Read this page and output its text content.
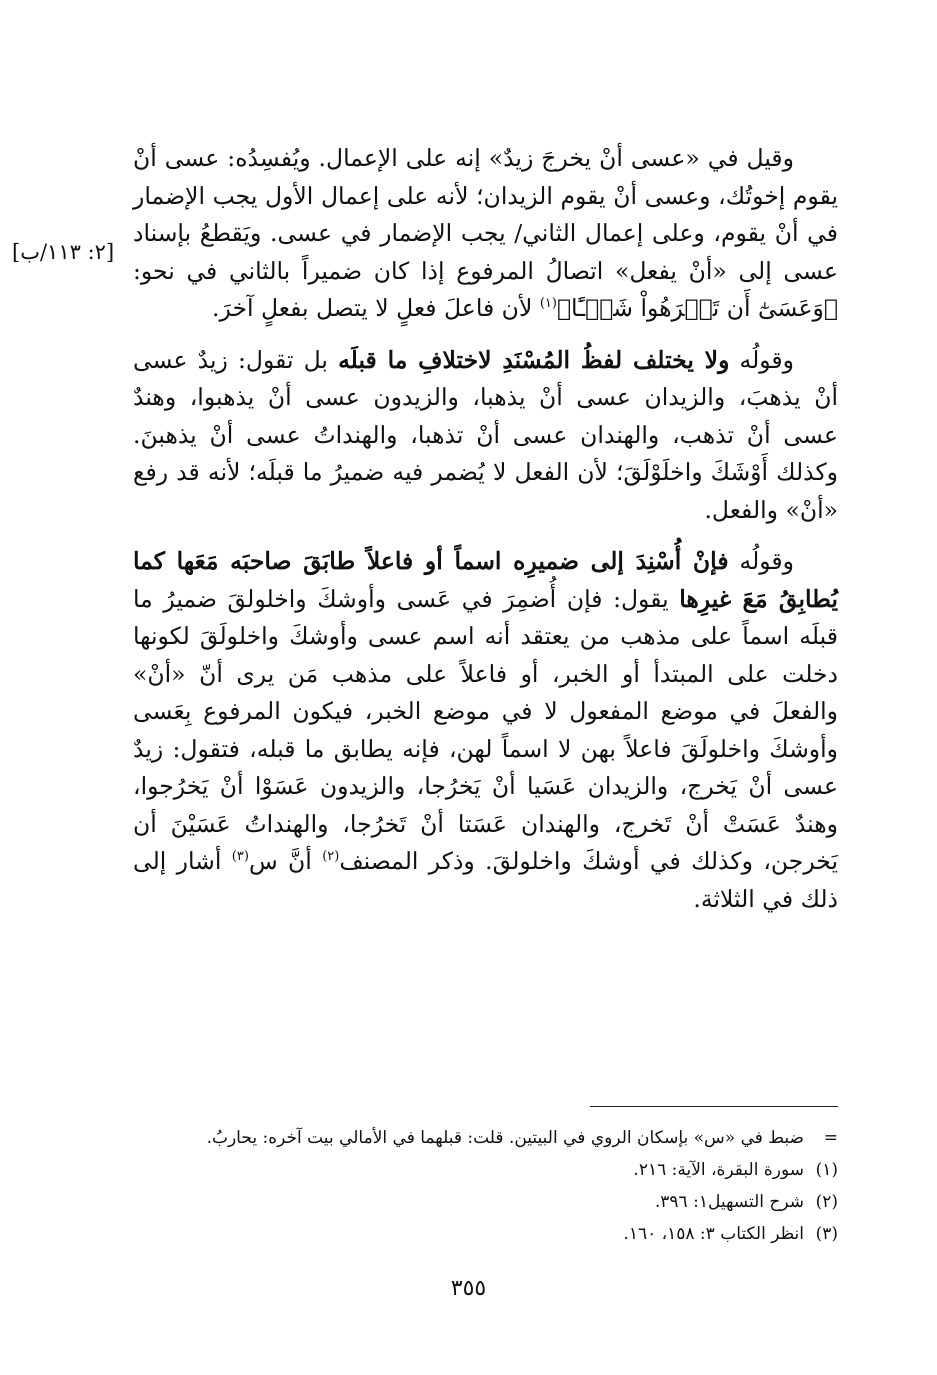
[٢: ١١٣/ب]

وقيل في «عسى أنْ يخرجَ زيدٌ» إنه على الإعمال. ويُفسِدُه: عسى أنْ يقوم إخوتُك، وعسى أنْ يقوم الزيدان؛ لأنه على إعمال الأول يجب الإضمار في أنْ يقوم، وعلى إعمال الثاني/ يجب الإضمار في عسى. ويَقطعُ بإسناد عسى إلى «أنْ يفعل» اتصالُ المرفوع إذا كان ضميراً بالثاني في نحو: ﴿وَعَسَىٰٓ أَن تَكۡرَهُواْ شَيۡـًٔا﴾$^{(١)}$ لأن فاعلَ فعلٍ لا يتصل بفعلٍ آخرَ.

وقولُه ولا يختلف لفظُ المُسْنَدِ لاختلافِ ما قبلَه بل تقول: زيدٌ عسى أنْ يذهبَ، والزيدان عسى أنْ يذهبا، والزيدون عسى أنْ يذهبوا، وهندٌ عسى أنْ تذهب، والهندان عسى أنْ تذهبا، والهنداتُ عسى أنْ يذهبنَ. وكذلك أَوْشَكَ واخلَوْلَقَ؛ لأن الفعل لا يُضمر فيه ضميرُ ما قبلَه؛ لأنه قد رفع «أنْ» والفعل.

وقولُه فإنْ أُسْنِدَ إلى ضميرِه اسماً أو فاعلاً طابَقَ صاحبَه مَعَها كما يُطابِقُ مَعَ غيرِها يقول: فإن أُضمِرَ في عَسى وأوشكَ واخلولقَ ضميرُ ما قبلَه اسماً على مذهب من يعتقد أنه اسم عسى وأوشكَ واخلولَقَ لكونها دخلت على المبتدأ أو الخبر، أو فاعلاً على مذهب مَن يرى أنّ «أنْ» والفعلَ في موضع المفعول لا في موضع الخبر، فيكون المرفوع بِعَسى وأوشكَ واخلولَقَ فاعلاً بهن لا اسماً لهن، فإنه يطابق ما قبله، فتقول: زيدٌ عسى أنْ يَخرج، والزيدان عَسَيا أنْ يَخرُجا، والزيدون عَسَوْا أنْ يَخرُجوا، وهندٌ عَسَتْ أنْ تَخرج، والهندان عَسَتا أنْ تَخرُجا، والهنداتُ عَسَيْنَ أن يَخرجن، وكذلك في أوشكَ واخلولقَ. وذكر المصنف$^{(٢)}$ أنَّ س$^{(٣)}$ أشار إلى ذلك في الثلاثة.

=ضبط في «س» بإسكان الروي في البيتين. قلت: قبلهما في الأمالي بيت آخره: يحاربُ.
(١)سورة البقرة، الآية: ٢١٦.
(٢)شرح التسهيل١: ٣٩٦.
(٣)انظر الكتاب ٣: ١٥٨، ١٦٠.
٣٥٥
